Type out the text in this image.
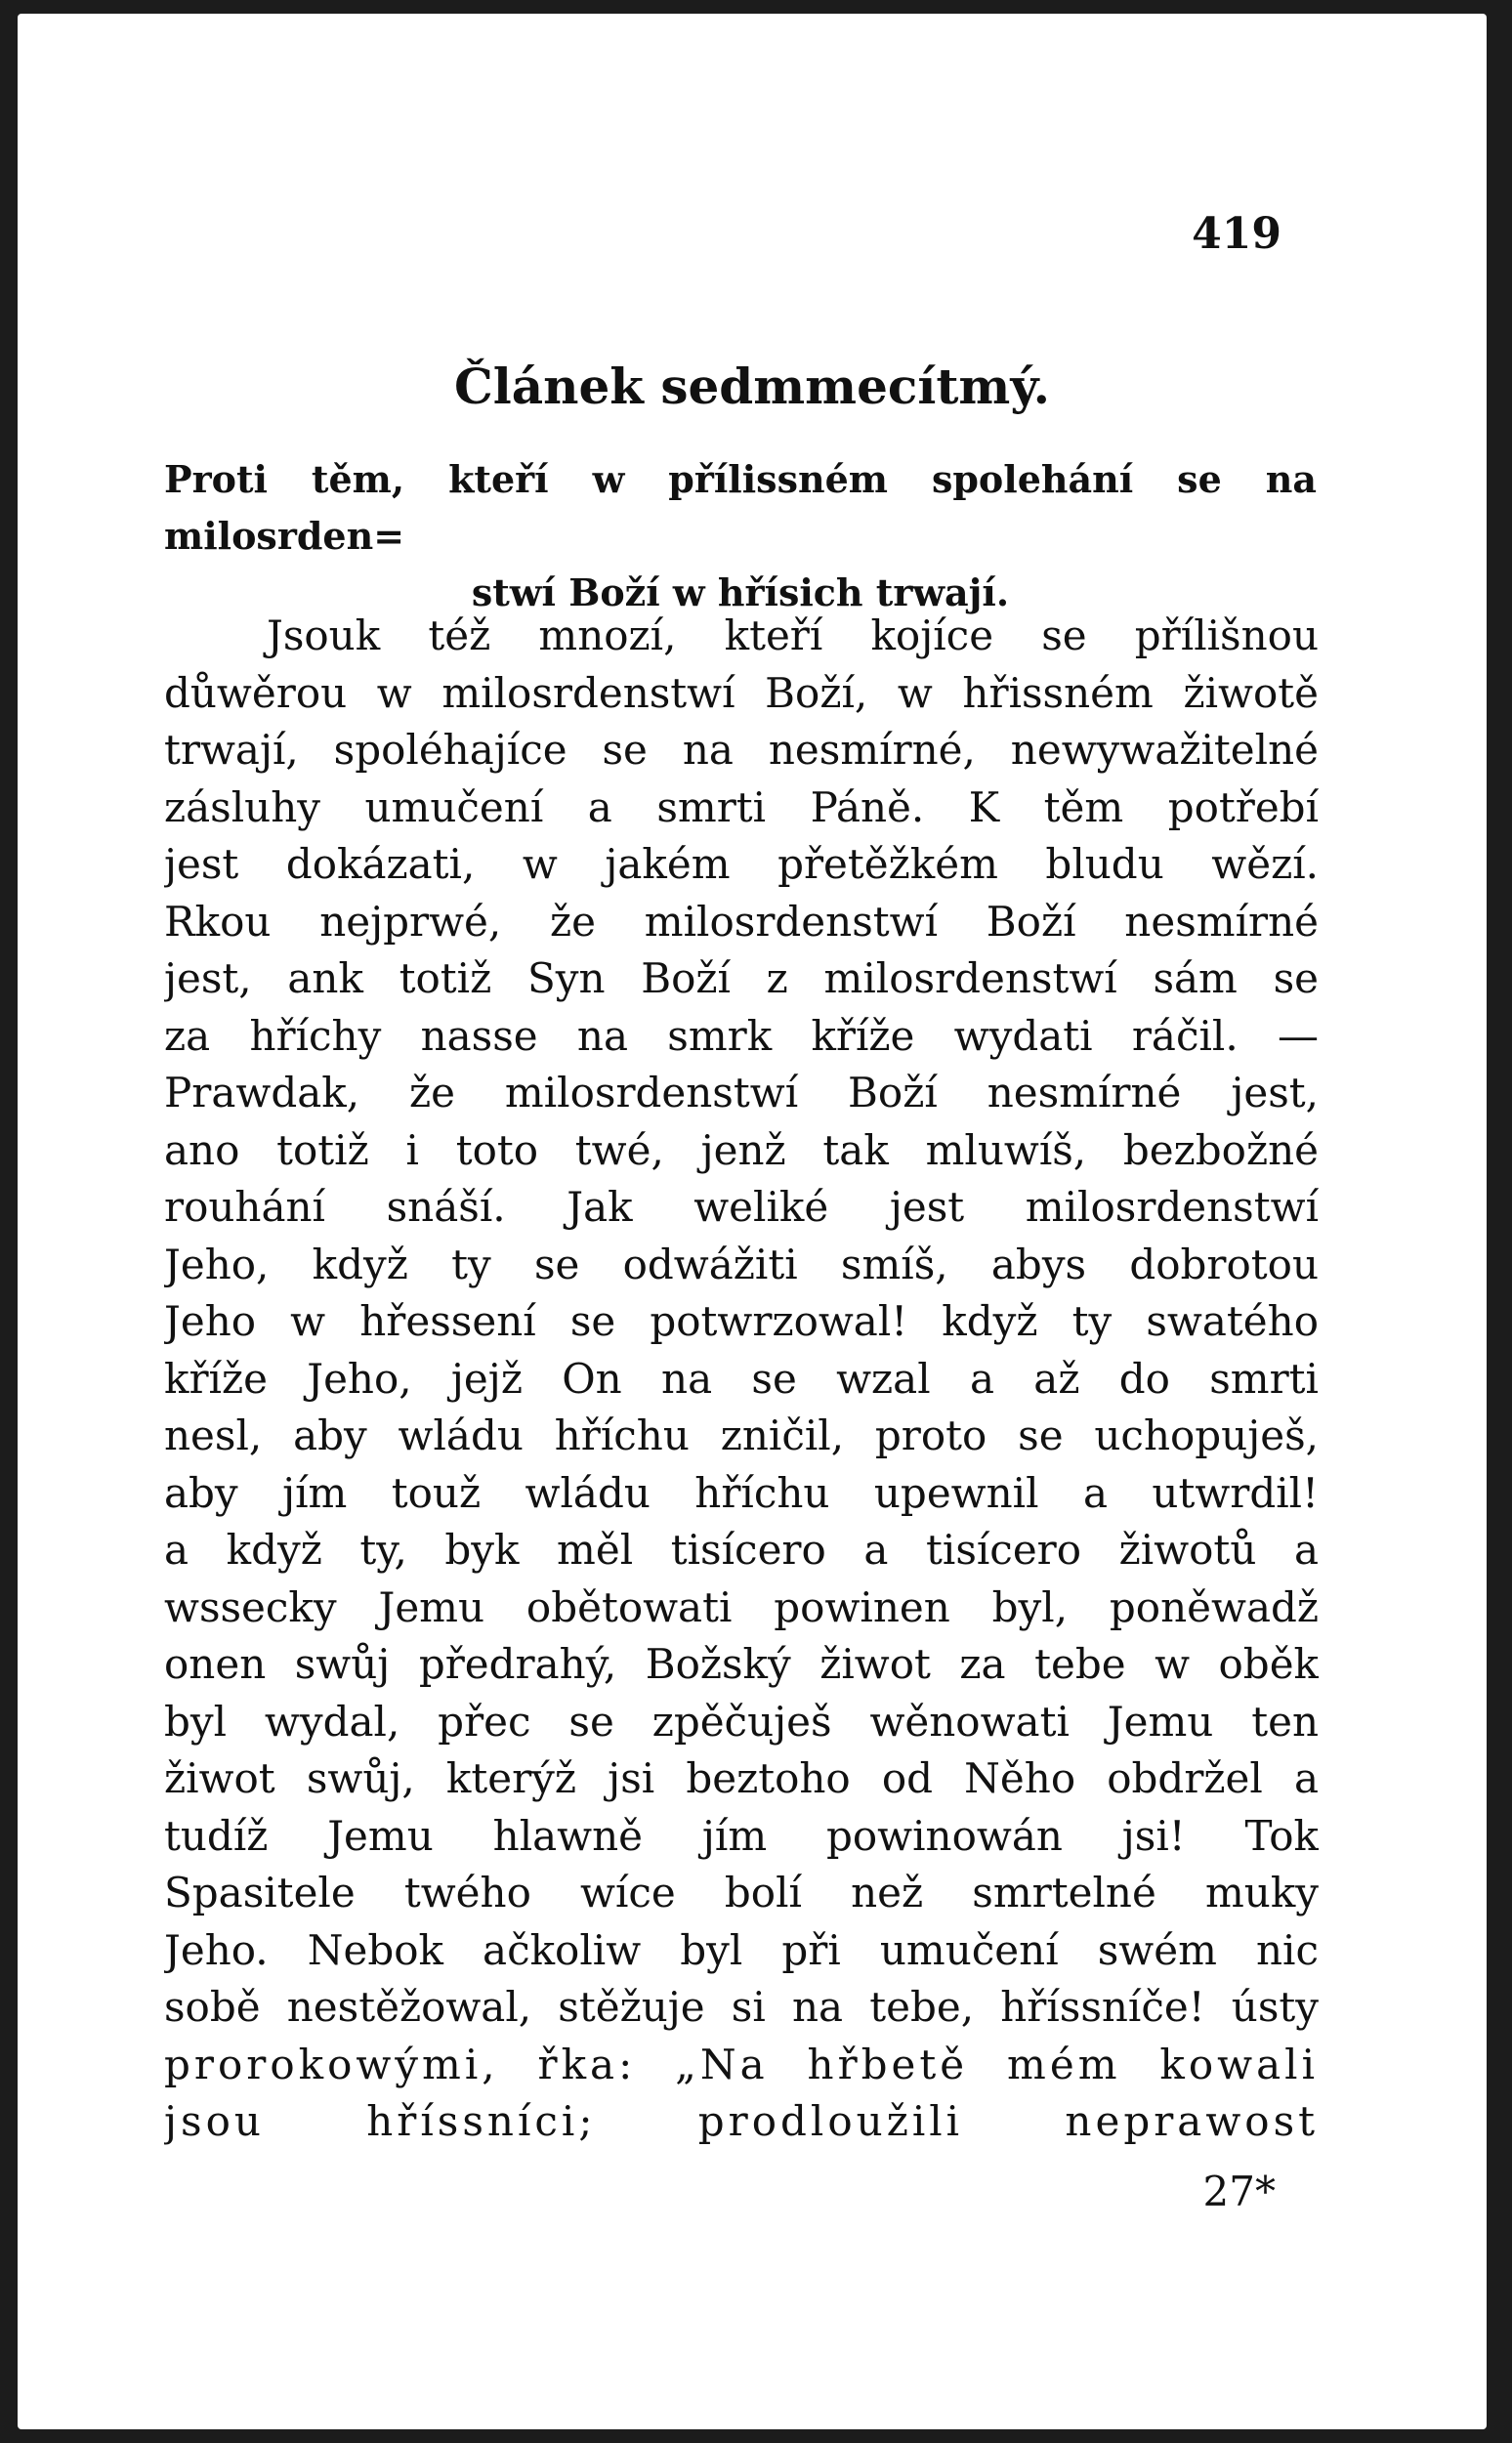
419
Článek sedmmecítmý.
Proti těm, kteří w přílissném spolehání se na milosrden=
stwí Boží w hřísich trwají.
Jsouk též mnozí, kteří kojíce se přílišnou
důwěrou w milosrdenstwí Boží, w hřissném žiwotě
trwají, spoléhajíce se na nesmírné, newywažitelné
zásluhy umučení a smrti Páně. K těm potřebí
jest dokázati, w jakém přetěžkém bludu wězí.
Rkou nejprwé, že milosrdenstwí Boží nesmírné
jest, ank totiž Syn Boží z milosrdenstwí sám se
za hříchy nasse na smrk kříže wydati ráčil. —
Prawdak, že milosrdenstwí Boží nesmírné jest,
ano totiž i toto twé, jenž tak mluwíš, bezbožné
rouhání snáší. Jak weliké jest milosrdenstwí
Jeho, když ty se odwážiti smíš, abys dobrotou
Jeho w hřessení se potwrzowal! když ty swatého
kříže Jeho, jejž On na se wzal a až do smrti
nesl, aby wládu hříchu zničil, proto se uchopuješ,
aby jím touž wládu hříchu upewnil a utwrdil!
a když ty, byk měl tisícero a tisícero žiwotů a
wssecky Jemu obětowati powinen byl, poněwadž
onen swůj předrahý, Božský žiwot za tebe w oběk
byl wydal, přec se zpěčuješ wěnowati Jemu ten
žiwot swůj, kterýž jsi beztoho od Něho obdržel a
tudíž Jemu hlawně jím powinowán jsi! Tok
Spasitele twého wíce bolí než smrtelné muky
Jeho. Nebok ačkoliw byl při umučení swém nic
sobě nestěžowal, stěžuje si na tebe, hříssníče! ústy
prorokowými, řka: „Na hřbetě mém kowali
jsou hříssníci; prodloužili neprawost
27*
